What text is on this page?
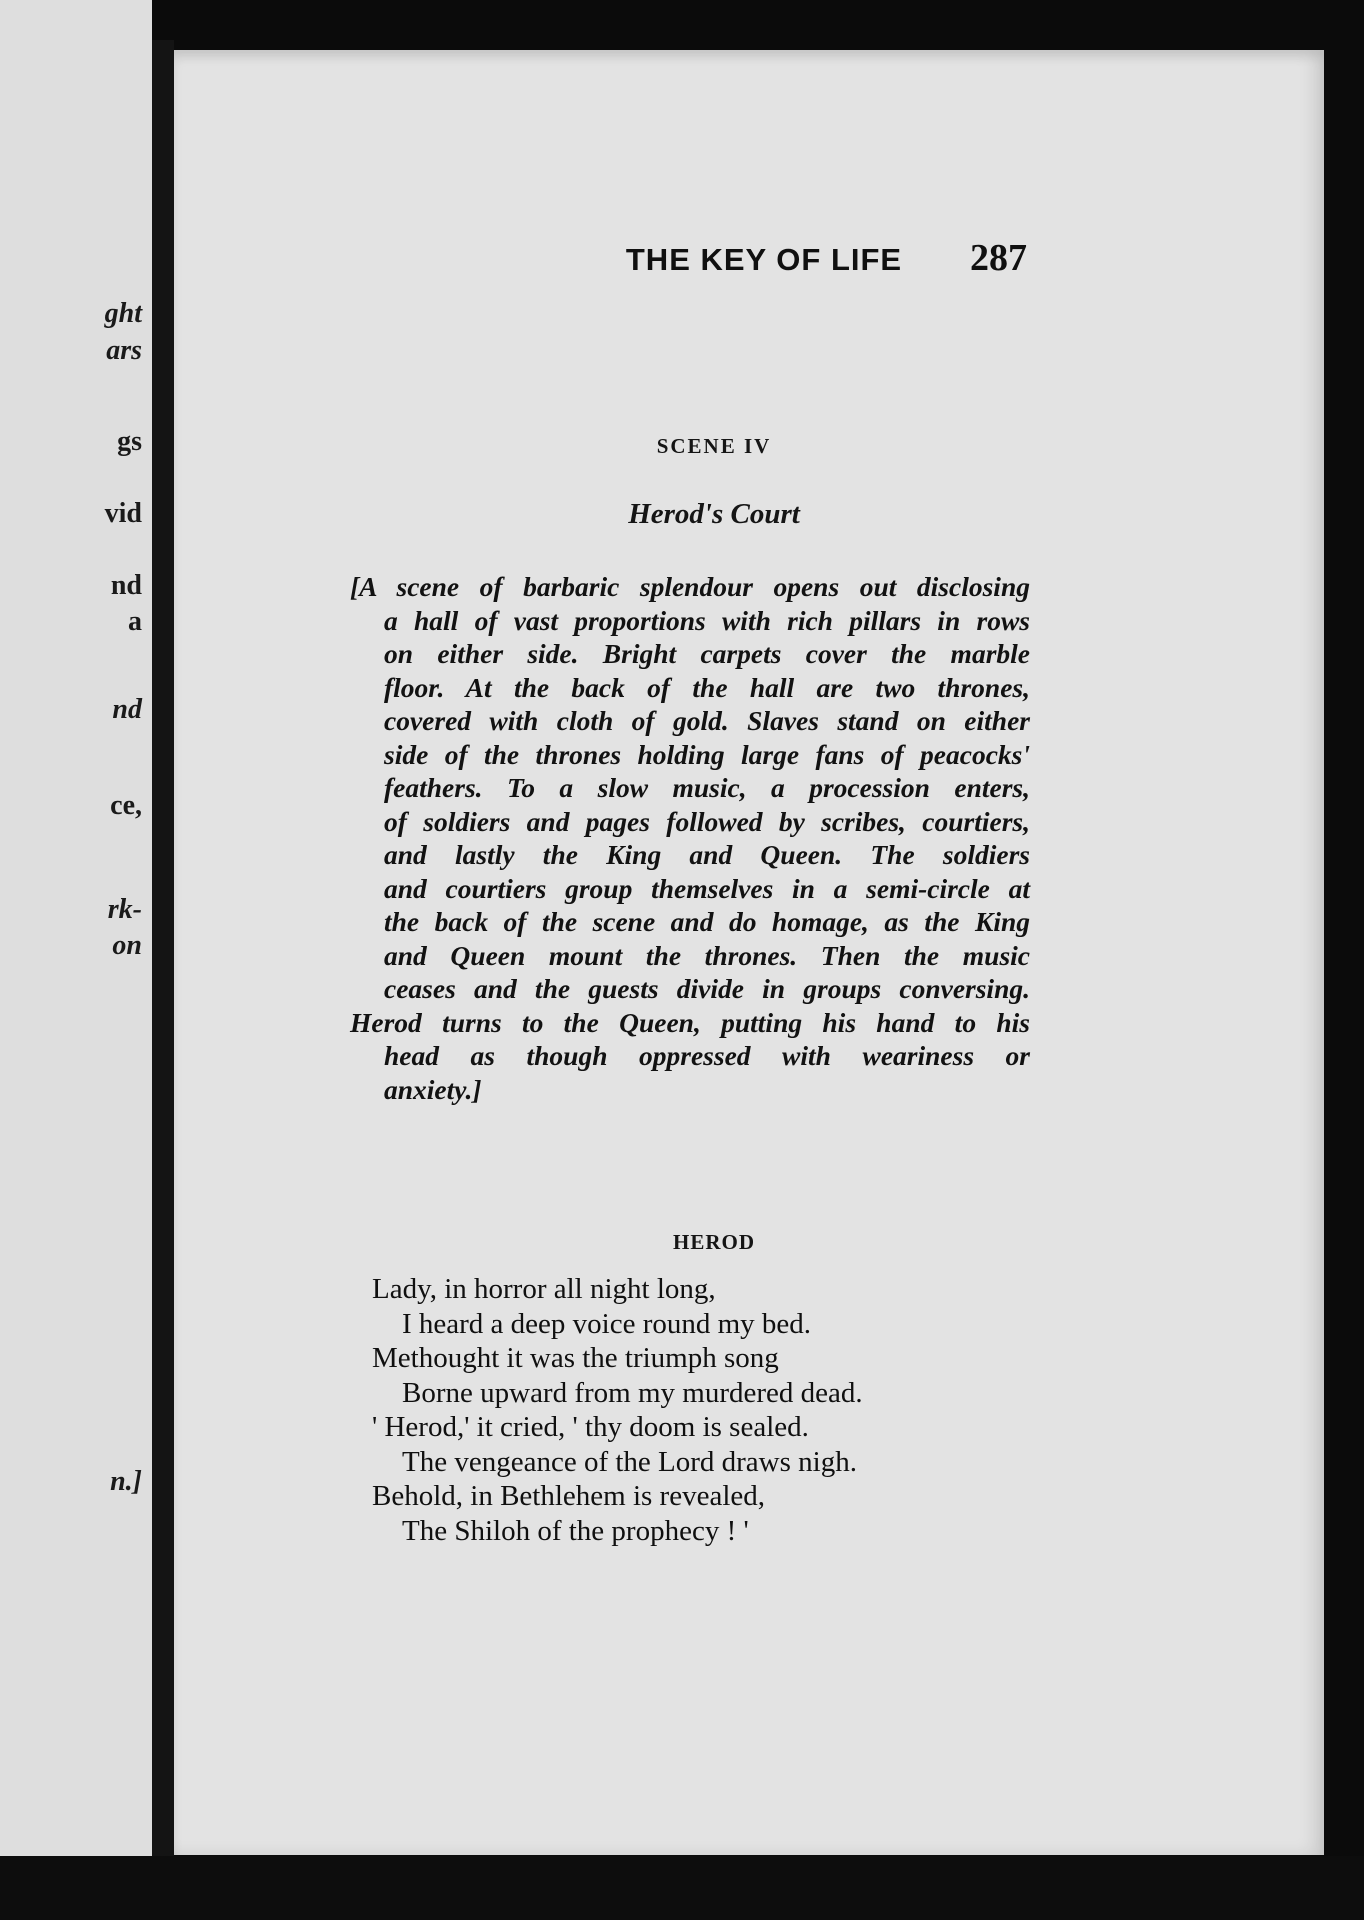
ght
ars
gs
vid
nd
a
nd
ce,
rk-
on
n.]
THE KEY OF LIFE	287
SCENE IV
Herod's Court
[A scene of barbaric splendour opens out disclosing
a hall of vast proportions with rich pillars in rows
on either side. Bright carpets cover the marble
floor. At the back of the hall are two thrones,
covered with cloth of gold. Slaves stand on either
side of the thrones holding large fans of peacocks'
feathers. To a slow music, a procession enters,
of soldiers and pages followed by scribes, courtiers,
and lastly the King and Queen. The soldiers
and courtiers group themselves in a semi-circle at
the back of the scene and do homage, as the King
and Queen mount the thrones. Then the music
ceases and the guests divide in groups conversing.
Herod turns to the Queen, putting his hand to his
head as though oppressed with weariness or
anxiety.]
HEROD
Lady, in horror all night long,
I heard a deep voice round my bed.
Methought it was the triumph song
Borne upward from my murdered dead.
' Herod,' it cried, ' thy doom is sealed.
The vengeance of the Lord draws nigh.
Behold, in Bethlehem is revealed,
The Shiloh of the prophecy ! '
